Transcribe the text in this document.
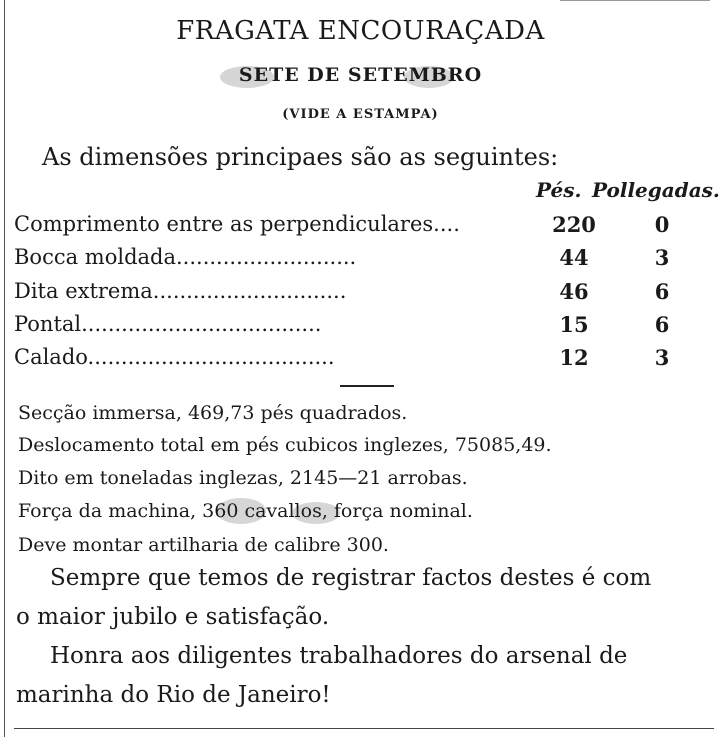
FRAGATA ENCOURAÇADA
SETE DE SETEMBRO
(VIDE A ESTAMPA)
As dimensões principaes são as seguintes:
Pés. Pollegadas.
Comprimento entre as perpendiculares....	220	0
Bocca moldada...........................	44	3
Dita extrema.............................	46	6
Pontal....................................	15	6
Calado.....................................	12	3
Secção immersa, 469,73 pés quadrados.
Deslocamento total em pés cubicos inglezes, 75085,49.
Dito em toneladas inglezas, 2145—21 arrobas.
Força da machina, 360 cavallos, força nominal.
Deve montar artilharia de calibre 300.
Sempre que temos de registrar factos destes é com
o maior jubilo e satisfação.
Honra aos diligentes trabalhadores do arsenal de
marinha do Rio de Janeiro!
